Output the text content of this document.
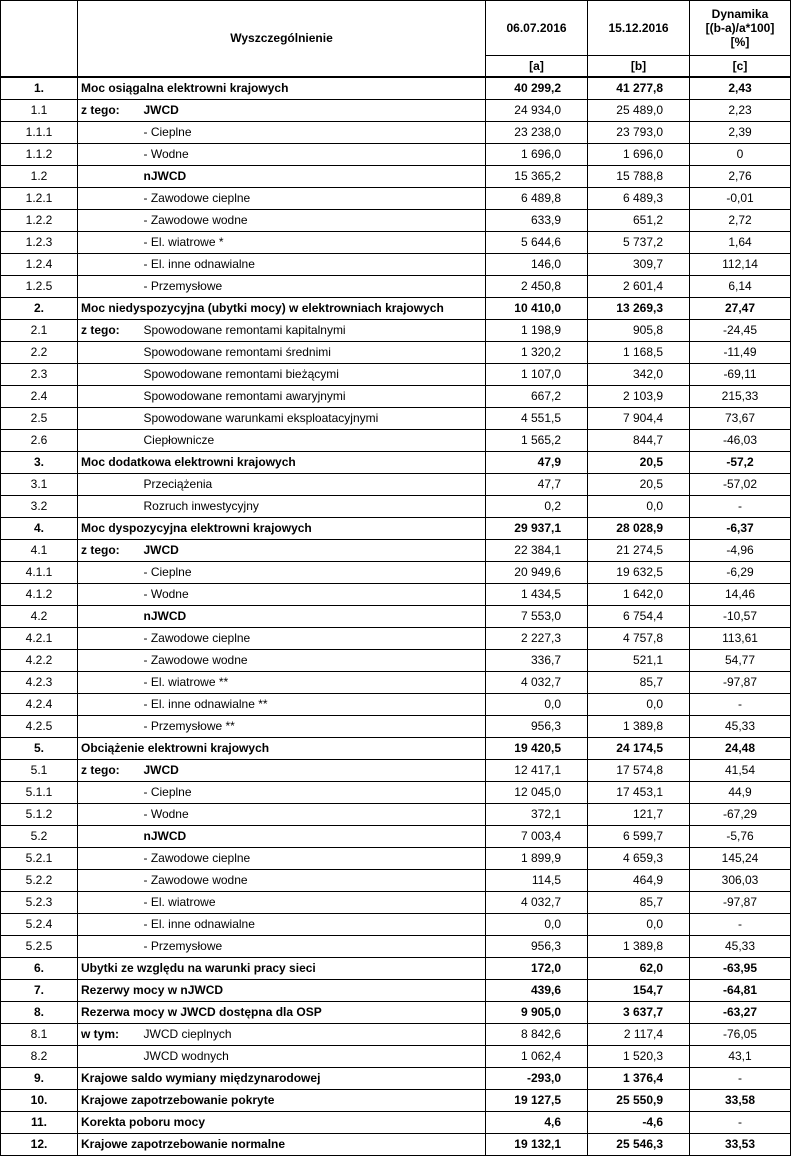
	Wyszczególnienie		06.07.2016	15.12.2016	Dynamika
[(b-a)/a*100]
[%]

			[a]	[b]	[c]
1.	Moc osiągalna elektrowni krajowych		40 299,2	41 277,8	2,43
1.1	z tego:	JWCD	24 934,0	25 489,0	2,23
1.1.1		- Cieplne	23 238,0	23 793,0	2,39
1.1.2		- Wodne	1 696,0	1 696,0	0
1.2		nJWCD	15 365,2	15 788,8	2,76
1.2.1		- Zawodowe cieplne	6 489,8	6 489,3	-0,01
1.2.2		- Zawodowe wodne	633,9	651,2	2,72
1.2.3		- El. wiatrowe *	5 644,6	5 737,2	1,64
1.2.4		- El. inne odnawialne	146,0	309,7	112,14
1.2.5		- Przemysłowe	2 450,8	2 601,4	6,14
2.	Moc niedyspozycyjna (ubytki mocy) w elektrowniach krajowych		10 410,0	13 269,3	27,47
2.1	z tego:	Spowodowane remontami kapitalnymi	1 198,9	905,8	-24,45
2.2		Spowodowane remontami średnimi	1 320,2	1 168,5	-11,49
2.3		Spowodowane remontami bieżącymi	1 107,0	342,0	-69,11
2.4		Spowodowane remontami awaryjnymi	667,2	2 103,9	215,33
2.5		Spowodowane warunkami eksploatacyjnymi	4 551,5	7 904,4	73,67
2.6		Ciepłownicze	1 565,2	844,7	-46,03
3.	Moc dodatkowa elektrowni krajowych		47,9	20,5	-57,2
3.1		Przeciążenia	47,7	20,5	-57,02
3.2		Rozruch inwestycyjny	0,2	0,0	-
4.	Moc dyspozycyjna elektrowni krajowych		29 937,1	28 028,9	-6,37
4.1	z tego:	JWCD	22 384,1	21 274,5	-4,96
4.1.1		- Cieplne	20 949,6	19 632,5	-6,29
4.1.2		- Wodne	1 434,5	1 642,0	14,46
4.2		nJWCD	7 553,0	6 754,4	-10,57
4.2.1		- Zawodowe cieplne	2 227,3	4 757,8	113,61
4.2.2		- Zawodowe wodne	336,7	521,1	54,77
4.2.3		- El. wiatrowe **	4 032,7	85,7	-97,87
4.2.4		- El. inne odnawialne **	0,0	0,0	-
4.2.5		- Przemysłowe **	956,3	1 389,8	45,33
5.	Obciążenie elektrowni krajowych		19 420,5	24 174,5	24,48
5.1	z tego:	JWCD	12 417,1	17 574,8	41,54
5.1.1		- Cieplne	12 045,0	17 453,1	44,9
5.1.2		- Wodne	372,1	121,7	-67,29
5.2		nJWCD	7 003,4	6 599,7	-5,76
5.2.1		- Zawodowe cieplne	1 899,9	4 659,3	145,24
5.2.2		- Zawodowe wodne	114,5	464,9	306,03
5.2.3		- El. wiatrowe	4 032,7	85,7	-97,87
5.2.4		- El. inne odnawialne	0,0	0,0	-
5.2.5		- Przemysłowe	956,3	1 389,8	45,33
6.	Ubytki ze względu na warunki pracy sieci		172,0	62,0	-63,95
7.	Rezerwy mocy w nJWCD		439,6	154,7	-64,81
8.	Rezerwa mocy w JWCD dostępna dla OSP		9 905,0	3 637,7	-63,27
8.1	w tym:	JWCD cieplnych	8 842,6	2 117,4	-76,05
8.2		JWCD wodnych	1 062,4	1 520,3	43,1
9.	Krajowe saldo wymiany międzynarodowej		-293,0	1 376,4	-
10.	Krajowe zapotrzebowanie pokryte		19 127,5	25 550,9	33,58
11.	Korekta poboru mocy		4,6	-4,6	-
12.	Krajowe zapotrzebowanie normalne		19 132,1	25 546,3	33,53
